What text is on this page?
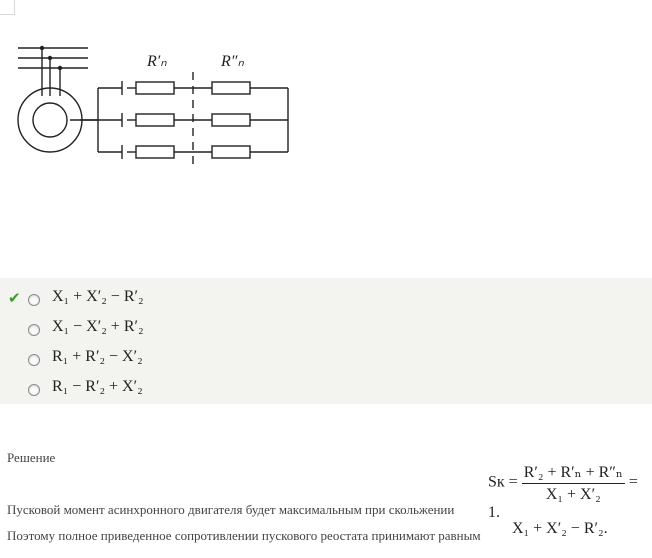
R′ₙ	R″ₙ
✔ X₁ + X′₂ − R′₂
X₁ − X′₂ + R′₂
R₁ + R′₂ − X′₂
R₁ − R′₂ + X′₂
Решение
Sк = $\frac{\text{R′₂ + R′ₙ + R″ₙ}}{\text{X₁ + X′₂}} = 1$.
Пусковой момент асинхронного двигателя будет максимальным при скольжении
Поэтому полное приведенное сопротивлении пускового реостата принимают равным X₁ + X′₂ − R′₂.
